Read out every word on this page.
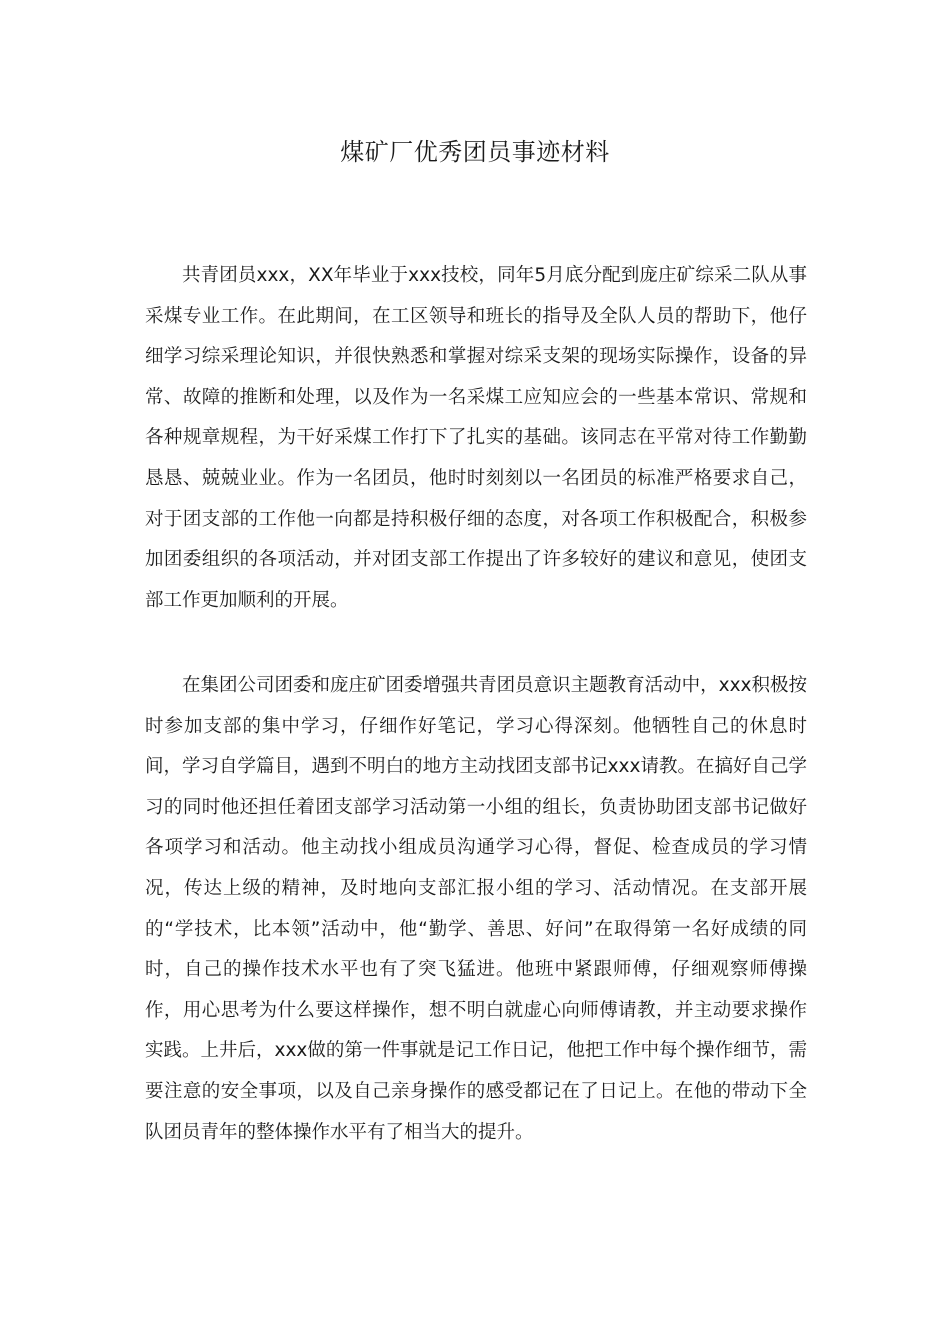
煤矿厂优秀团员事迹材料

共青团员xxx，XX年毕业于xxx技校，同年5月底分配到庞庄矿综采二队从事采煤专业工作。在此期间，在工区领导和班长的指导及全队人员的帮助下，他仔细学习综采理论知识，并很快熟悉和掌握对综采支架的现场实际操作，设备的异常、故障的推断和处理，以及作为一名采煤工应知应会的一些基本常识、常规和各种规章规程，为干好采煤工作打下了扎实的基础。该同志在平常对待工作勤勤恳恳、兢兢业业。作为一名团员，他时时刻刻以一名团员的标准严格要求自己，对于团支部的工作他一向都是持积极仔细的态度，对各项工作积极配合，积极参加团委组织的各项活动，并对团支部工作提出了许多较好的建议和意见，使团支部工作更加顺利的开展。

在集团公司团委和庞庄矿团委增强共青团员意识主题教育活动中，xxx积极按时参加支部的集中学习，仔细作好笔记，学习心得深刻。他牺牲自己的休息时间，学习自学篇目，遇到不明白的地方主动找团支部书记xxx请教。在搞好自己学习的同时他还担任着团支部学习活动第一小组的组长，负责协助团支部书记做好各项学习和活动。他主动找小组成员沟通学习心得，督促、检查成员的学习情况，传达上级的精神，及时地向支部汇报小组的学习、活动情况。在支部开展的“学技术，比本领”活动中，他“勤学、善思、好问”在取得第一名好成绩的同时，自己的操作技术水平也有了突飞猛进。他班中紧跟师傅，仔细观察师傅操作，用心思考为什么要这样操作，想不明白就虚心向师傅请教，并主动要求操作实践。上井后，xxx做的第一件事就是记工作日记，他把工作中每个操作细节，需要注意的安全事项，以及自己亲身操作的感受都记在了日记上。在他的带动下全队团员青年的整体操作水平有了相当大的提升。
